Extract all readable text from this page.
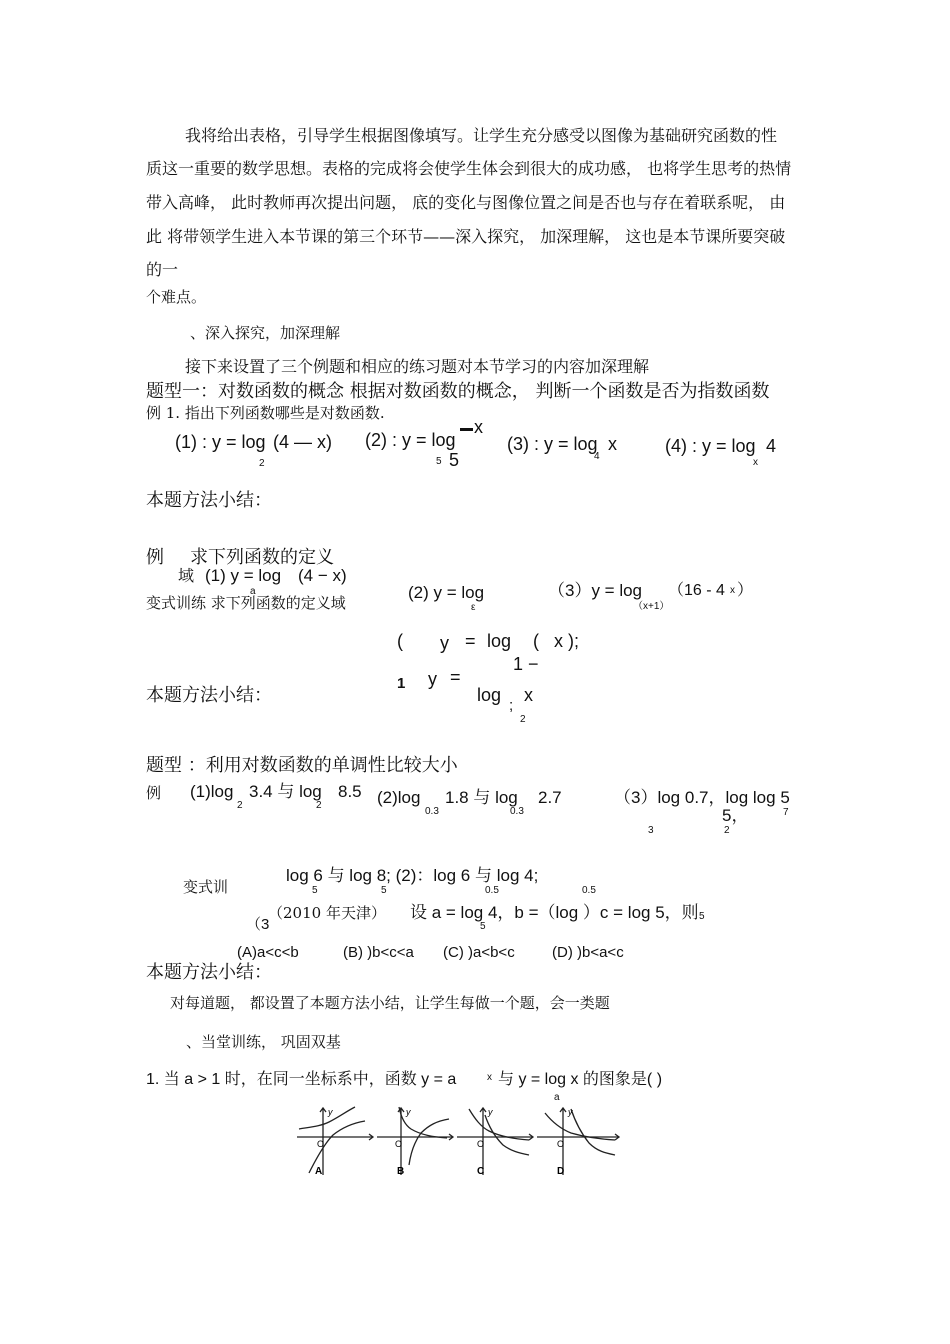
我将给出表格，引导学生根据图像填写。让学生充分感受以图像为基础研究函数的性
质这一重要的数学思想。表格的完成将会使学生体会到很大的成功感， 也将学生思考的热情
带入高峰， 此时教师再次提出问题， 底的变化与图像位置之间是否也与存在着联系呢， 由
此 将带领学生进入本节课的第三个环节——深入探究， 加深理解， 这也是本节课所要突破
的一
个难点。
、深入探究，加深理解
接下来设置了三个例题和相应的练习题对本节学习的内容加深理解
题型一：对数函数的概念 根据对数函数的概念， 判断一个函数是否为指数函数
例 1. 指出下列函数哪些是对数函数.
(1) : y = log
2
(4 — x) (2) : y = log
5 5
x
(3) : y = log
4
x	(4) : y = log
x
4
本题方法小结：
例 求下列函数的定义
域 (1) y = log
a
(4 − x)
变式训练 求下列函数的定义域
(2) y = log
ε
（3）y = log
（x+1）
（16 - 4 x ）
( y = log ( x );
1 −
1 y =
本题方法小结：	log
;
x
2
题型 ：利用对数函数的单调性比较大小
例 (1)log
2
3.4 与 log
2
8.5 (2)log
0.3
1.8 与 log
0.3
2.7	（3）log 0.7，log log 5
3
5，
2
7
变式训
log 6 与 log 8; (2)：log 6 与 log 4;
5	5	0.5	0.5
（3
（2010 年天津） 设 a = log 4，b =（log ）c = log 5，则
5
5
(A)a<c<b	(B) )b<c<a (C) )a<b<c (D) )b<a<c
本题方法小结：
对每道题， 都设置了本题方法小结，让学生每做一个题，会一类题
、当堂训练， 巩固双基
1. 当 a > 1 时，在同一坐标系中，函数 y = a	x 与 y = log x 的图象是( )
a
O
y
A
O
y
B
O
y
C
O
y
D
